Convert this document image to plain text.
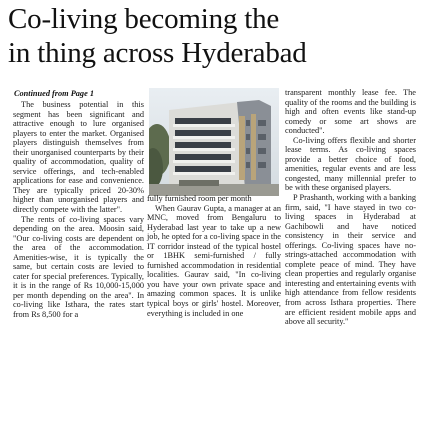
Co-living becoming the
in thing across Hyderabad
Continued from Page 1

The business potential in this segment has been significant and attractive enough to lure organised players to enter the market. Organised players distinguish themselves from their unorganised counterparts by their quality of accommodation, quality of service offerings, and tech-enabled applications for ease and convenience. They are typically priced 20-30% higher than unorganised players and directly compete with the latter".

The rents of co-living spaces vary depending on the area. Moosin said, "Our co-living costs are dependent on the area of the accommodation. Amenities-wise, it is typically the same, but certain costs are levied to cater for special preferences. Typically, it is in the range of Rs 10,000-15,000 per month depending on the area". In co-living like Isthara, the rates start from Rs 8,500 for a

fully furnished room per month

When Gaurav Gupta, a manager at an MNC, moved from Bengaluru to Hyderabad last year to take up a new job, he opted for a co-living space in the IT corridor instead of the typical hostel or 1BHK semi-furnished / fully furnished accommodation in residential localities. Gaurav said, "In co-living you have your own private space and amazing common spaces. It is unlike typical boys or girls' hostel. Moreover, everything is included in one

transparent monthly lease fee. The quality of the rooms and the building is high and often events like stand-up comedy or some art shows are conducted".

Co-living offers flexible and shorter lease terms. As co-living spaces provide a better choice of food, amenities, regular events and are less congested, many millennial prefer to be with these organised players.

P Prashanth, working with a banking firm, said, "I have stayed in two co-living spaces in Hyderabad at Gachibowli and have noticed consistency in their service and offerings. Co-living spaces have no-strings-attached accommodation with complete peace of mind. They have clean properties and regularly organise interesting and entertaining events with high attendance from fellow residents from across Isthara properties. There are efficient resident mobile apps and above all security."
